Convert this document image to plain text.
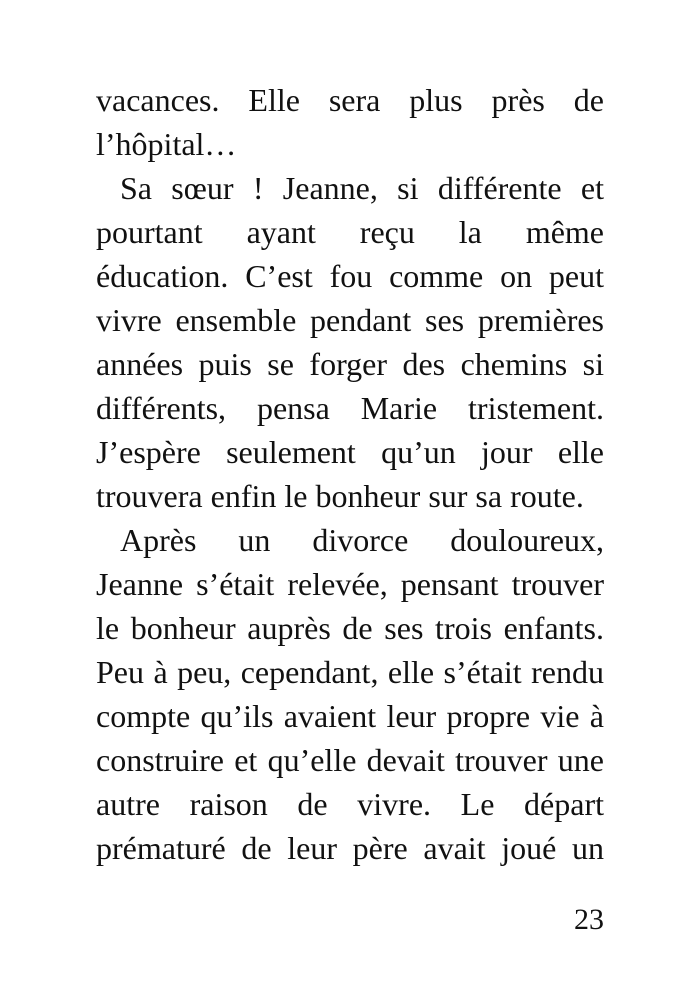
vacances. Elle sera plus près de
l’hôpital…
Sa sœur ! Jeanne, si différente et
pourtant ayant reçu la même
éducation. C’est fou comme on peut
vivre ensemble pendant ses premières
années puis se forger des chemins si
différents, pensa Marie tristement.
J’espère seulement qu’un jour elle
trouvera enfin le bonheur sur sa route.
Après un divorce douloureux,
Jeanne s’était relevée, pensant trouver
le bonheur auprès de ses trois enfants.
Peu à peu, cependant, elle s’était rendu
compte qu’ils avaient leur propre vie à
construire et qu’elle devait trouver une
autre raison de vivre. Le départ
prématuré de leur père avait joué un
23
